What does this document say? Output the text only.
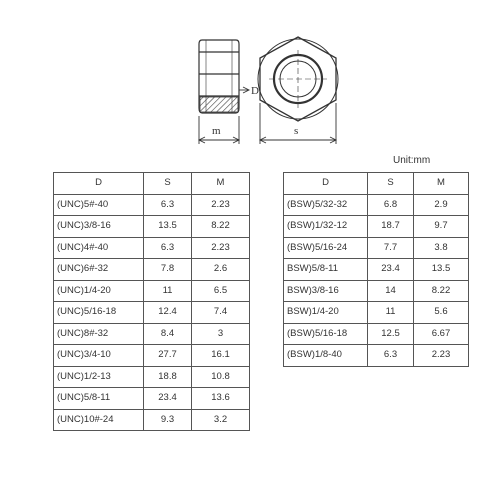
D
m	s
Unit:mm
D	S	M
(UNC)5#-40	6.3	2.23
(UNC)3/8-16	13.5	8.22
(UNC)4#-40	6.3	2.23
(UNC)6#-32	7.8	2.6
(UNC)1/4-20	11	6.5
(UNC)5/16-18	12.4	7.4
(UNC)8#-32	8.4	3
(UNC)3/4-10	27.7	16.1
(UNC)1/2-13	18.8	10.8
(UNC)5/8-11	23.4	13.6
(UNC)10#-24	9.3	3.2
D	S	M
(BSW)5/32-32	6.8	2.9
(BSW)1/32-12	18.7	9.7
(BSW)5/16-24	7.7	3.8
BSW)5/8-11	23.4	13.5
BSW)3/8-16	14	8.22
BSW)1/4-20	11	5.6
(BSW)5/16-18	12.5	6.67
(BSW)1/8-40	6.3	2.23
